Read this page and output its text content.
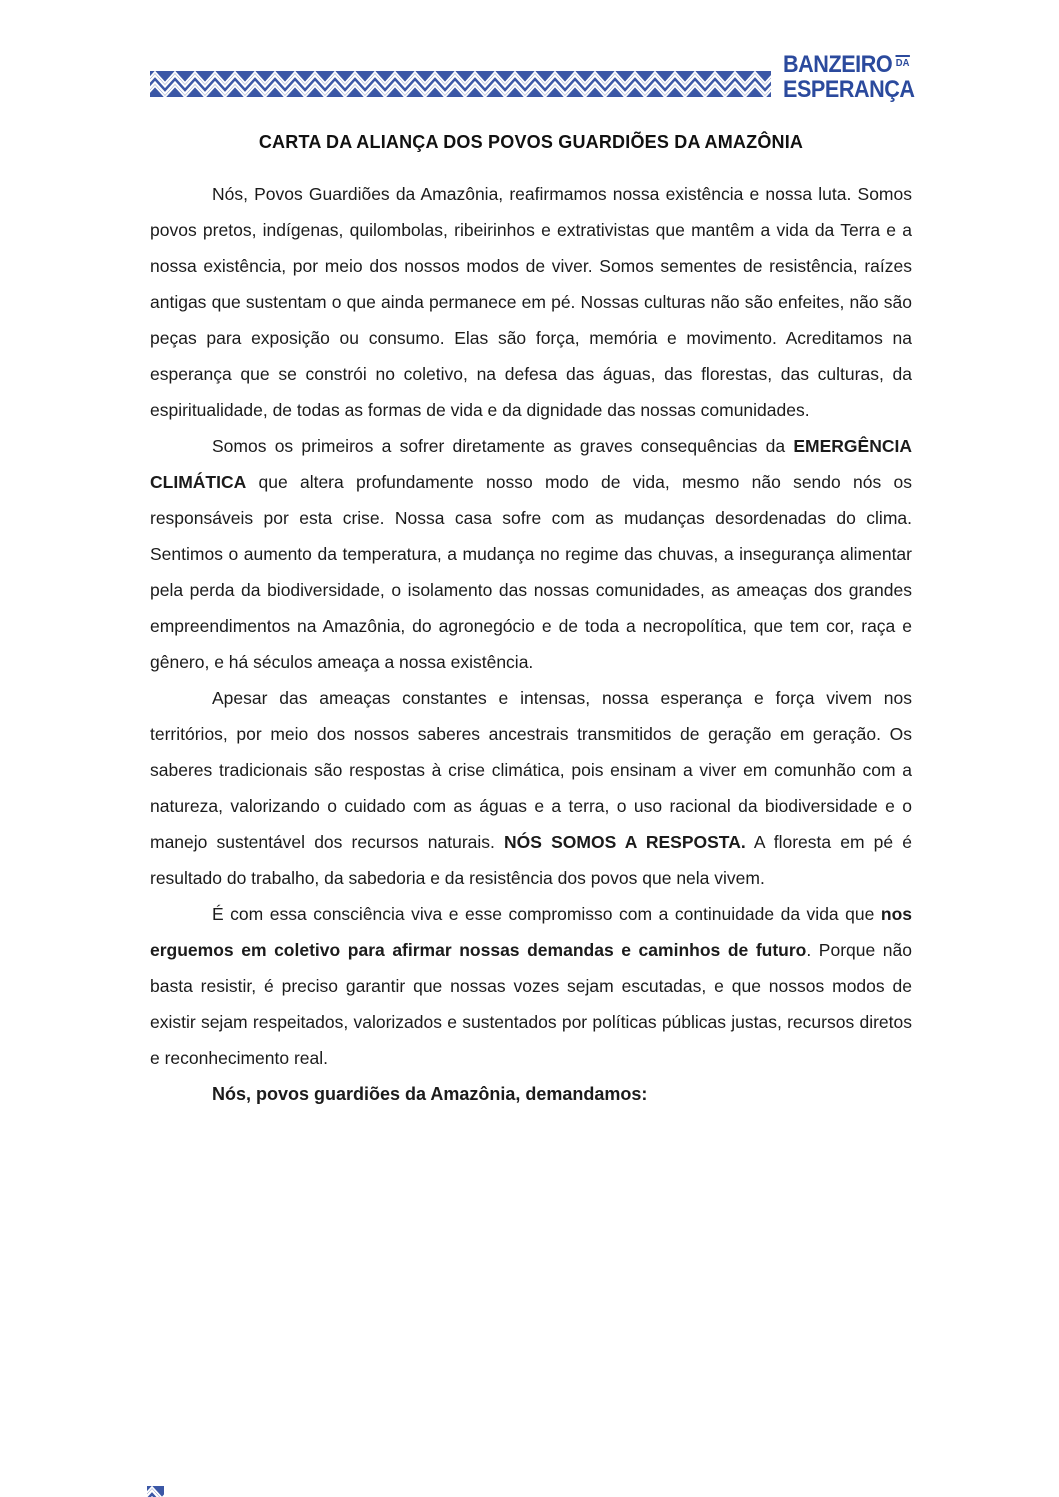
BANZEIRO DA
ESPERANÇA
CARTA DA ALIANÇA DOS POVOS GUARDIÕES DA AMAZÔNIA

Nós, Povos Guardiões da Amazônia, reafirmamos nossa existência e nossa luta. Somos povos pretos, indígenas, quilombolas, ribeirinhos e extrativistas que mantêm a vida da Terra e a nossa existência, por meio dos nossos modos de viver. Somos sementes de resistência, raízes antigas que sustentam o que ainda permanece em pé. Nossas culturas não são enfeites, não são peças para exposição ou consumo. Elas são força, memória e movimento. Acreditamos na esperança que se constrói no coletivo, na defesa das águas, das florestas, das culturas, da espiritualidade, de todas as formas de vida e da dignidade das nossas comunidades.

Somos os primeiros a sofrer diretamente as graves consequências da EMERGÊNCIA CLIMÁTICA que altera profundamente nosso modo de vida, mesmo não sendo nós os responsáveis por esta crise. Nossa casa sofre com as mudanças desordenadas do clima. Sentimos o aumento da temperatura, a mudança no regime das chuvas, a insegurança alimentar pela perda da biodiversidade, o isolamento das nossas comunidades, as ameaças dos grandes empreendimentos na Amazônia, do agronegócio e de toda a necropolítica, que tem cor, raça e gênero, e há séculos ameaça a nossa existência.

Apesar das ameaças constantes e intensas, nossa esperança e força vivem nos territórios, por meio dos nossos saberes ancestrais transmitidos de geração em geração. Os saberes tradicionais são respostas à crise climática, pois ensinam a viver em comunhão com a natureza, valorizando o cuidado com as águas e a terra, o uso racional da biodiversidade e o manejo sustentável dos recursos naturais. NÓS SOMOS A RESPOSTA. A floresta em pé é resultado do trabalho, da sabedoria e da resistência dos povos que nela vivem.

É com essa consciência viva e esse compromisso com a continuidade da vida que nos erguemos em coletivo para afirmar nossas demandas e caminhos de futuro. Porque não basta resistir, é preciso garantir que nossas vozes sejam escutadas, e que nossos modos de existir sejam respeitados, valorizados e sustentados por políticas públicas justas, recursos diretos e reconhecimento real.

Nós, povos guardiões da Amazônia, demandamos:
